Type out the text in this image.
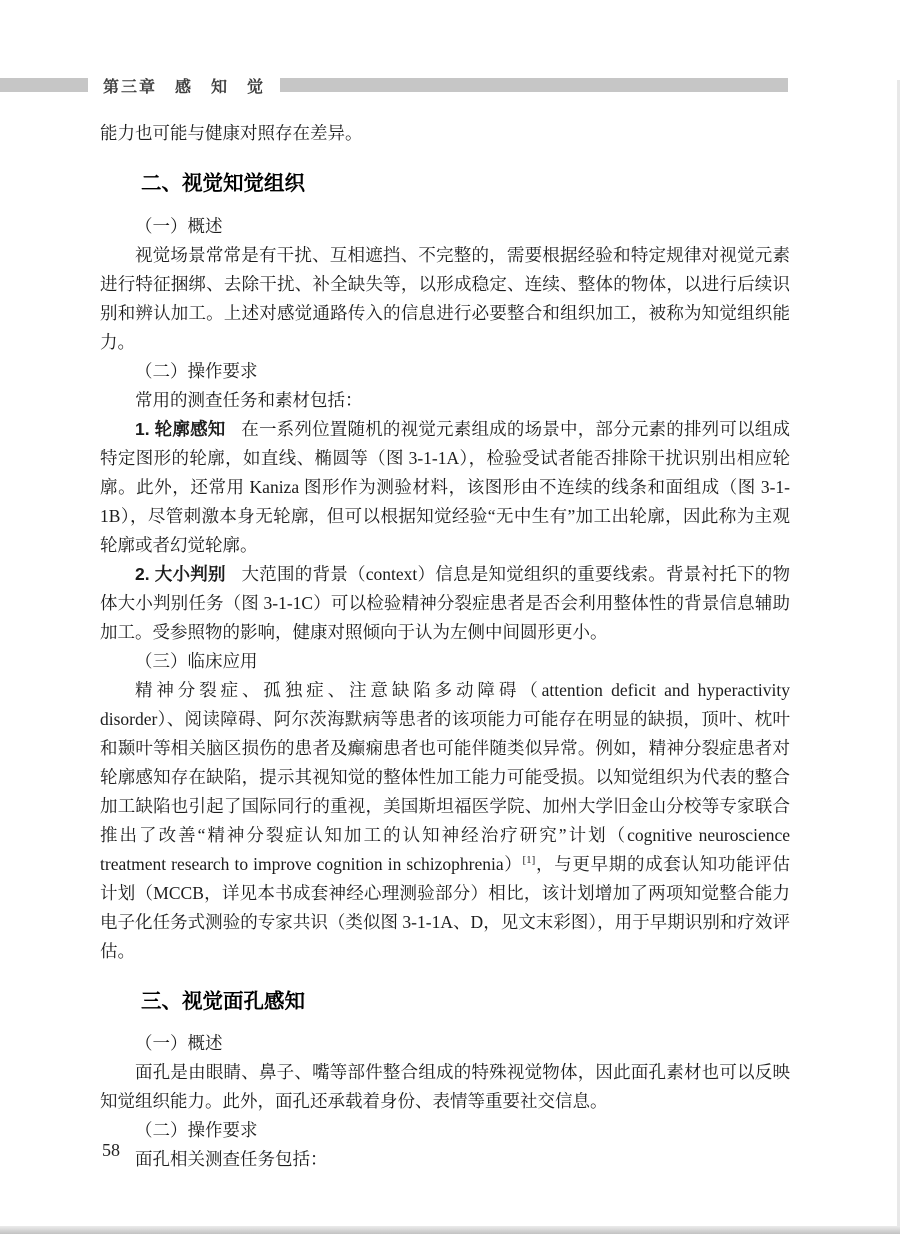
第三章　感　知　觉

能力也可能与健康对照存在差异。

二、视觉知觉组织

（一）概述

视觉场景常常是有干扰、互相遮挡、不完整的，需要根据经验和特定规律对视觉元素进行特征捆绑、去除干扰、补全缺失等，以形成稳定、连续、整体的物体，以进行后续识别和辨认加工。上述对感觉通路传入的信息进行必要整合和组织加工，被称为知觉组织能力。

（二）操作要求

常用的测查任务和素材包括：

1. 轮廓感知 在一系列位置随机的视觉元素组成的场景中，部分元素的排列可以组成特定图形的轮廓，如直线、椭圆等（图 3-1-1A），检验受试者能否排除干扰识别出相应轮廓。此外，还常用 Kaniza 图形作为测验材料，该图形由不连续的线条和面组成（图 3-1-1B），尽管刺激本身无轮廓，但可以根据知觉经验“无中生有”加工出轮廓，因此称为主观轮廓或者幻觉轮廓。

2. 大小判别 大范围的背景（context）信息是知觉组织的重要线索。背景衬托下的物体大小判别任务（图 3-1-1C）可以检验精神分裂症患者是否会利用整体性的背景信息辅助加工。受参照物的影响，健康对照倾向于认为左侧中间圆形更小。

（三）临床应用

精神分裂症、孤独症、注意缺陷多动障碍（attention deficit and hyperactivity disorder）、阅读障碍、阿尔茨海默病等患者的该项能力可能存在明显的缺损，顶叶、枕叶和颞叶等相关脑区损伤的患者及癫痫患者也可能伴随类似异常。例如，精神分裂症患者对轮廓感知存在缺陷，提示其视知觉的整体性加工能力可能受损。以知觉组织为代表的整合加工缺陷也引起了国际同行的重视，美国斯坦福医学院、加州大学旧金山分校等专家联合推出了改善“精神分裂症认知加工的认知神经治疗研究”计划（cognitive neuroscience treatment research to improve cognition in schizophrenia）[1]，与更早期的成套认知功能评估计划（MCCB，详见本书成套神经心理测验部分）相比，该计划增加了两项知觉整合能力电子化任务式测验的专家共识（类似图 3-1-1A、D，见文末彩图），用于早期识别和疗效评估。

三、视觉面孔感知

（一）概述

面孔是由眼睛、鼻子、嘴等部件整合组成的特殊视觉物体，因此面孔素材也可以反映知觉组织能力。此外，面孔还承载着身份、表情等重要社交信息。

（二）操作要求

面孔相关测查任务包括：

58
